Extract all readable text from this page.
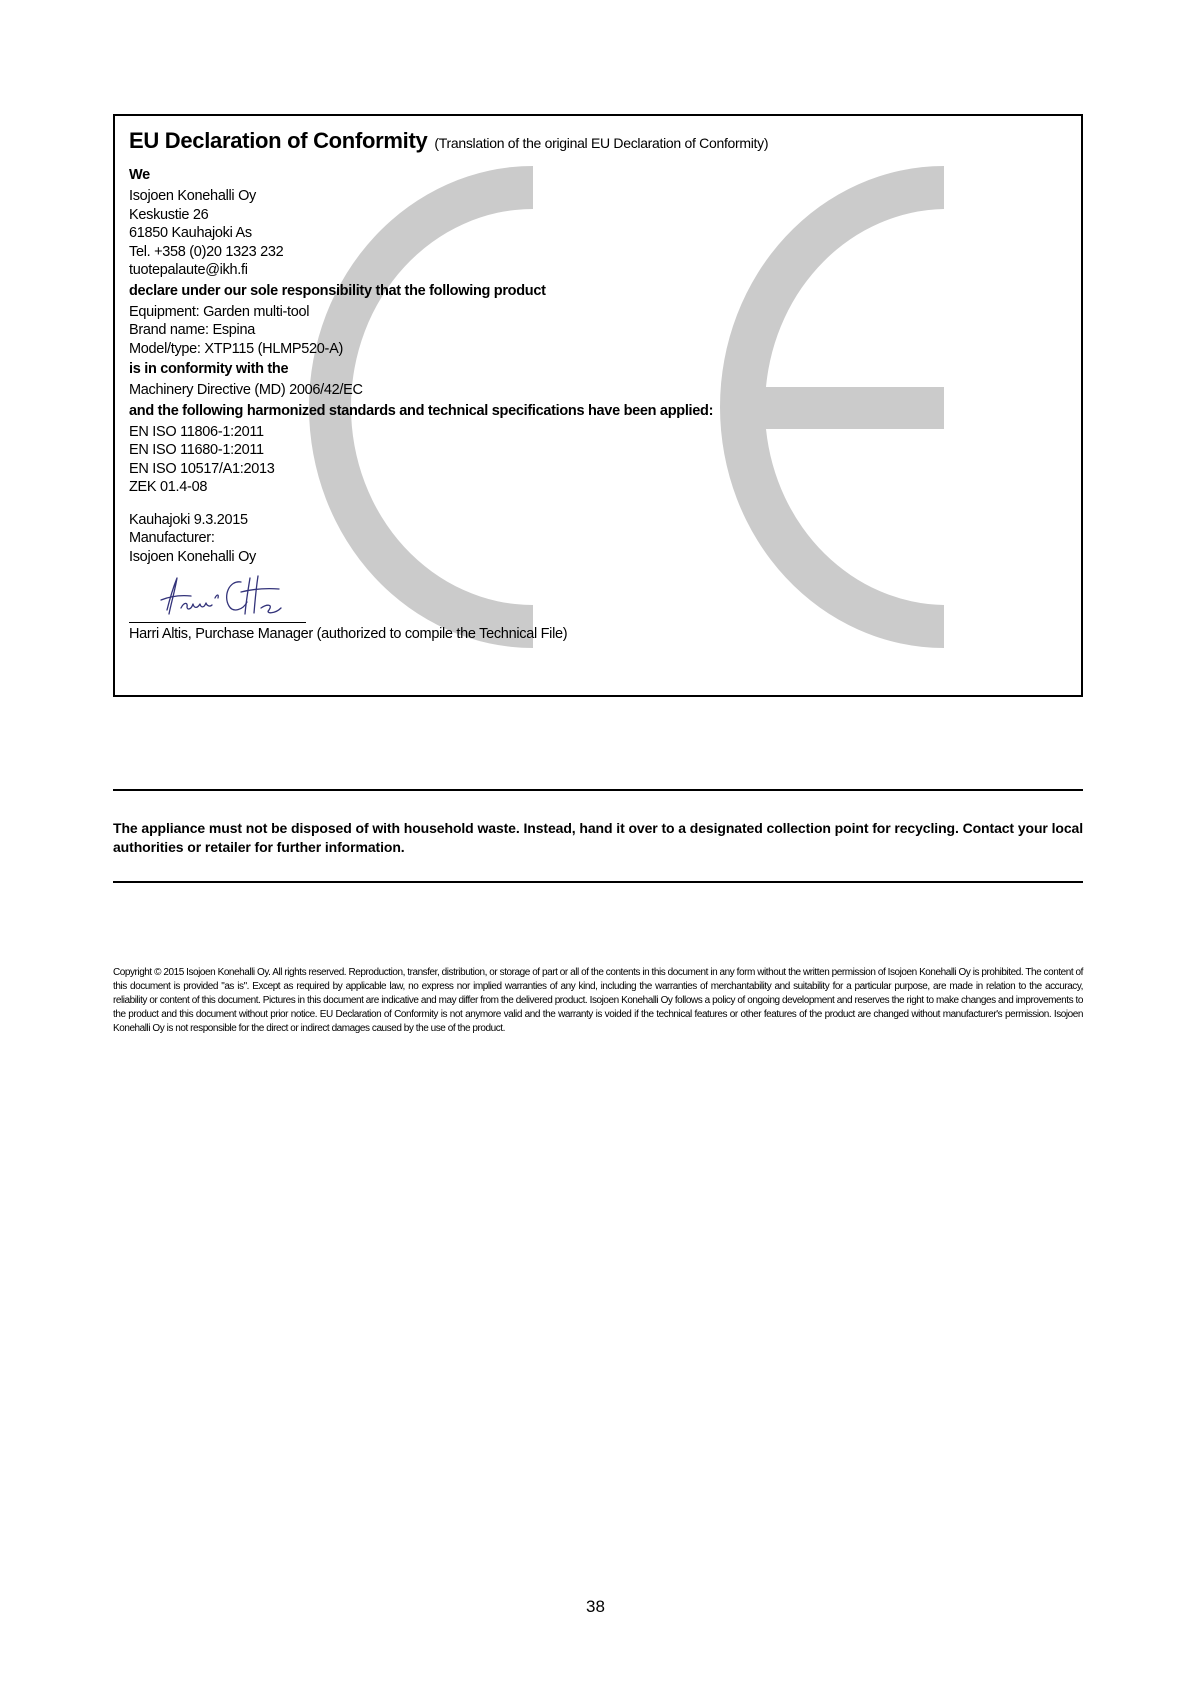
EU Declaration of Conformity (Translation of the original EU Declaration of Conformity)
We
Isojoen Konehalli Oy
Keskustie 26
61850 Kauhajoki As
Tel. +358 (0)20 1323 232
tuotepalaute@ikh.fi
declare under our sole responsibility that the following product
Equipment: Garden multi-tool
Brand name: Espina
Model/type: XTP115 (HLMP520-A)
is in conformity with the
Machinery Directive (MD) 2006/42/EC
and the following harmonized standards and technical specifications have been applied:
EN ISO 11806-1:2011
EN ISO 11680-1:2011
EN ISO 10517/A1:2013
ZEK 01.4-08
Kauhajoki 9.3.2015
Manufacturer:
Isojoen Konehalli Oy
Harri Altis, Purchase Manager (authorized to compile the Technical File)
The appliance must not be disposed of with household waste. Instead, hand it over to a designated collection point for recycling. Contact your local authorities or retailer for further information.
Copyright © 2015 Isojoen Konehalli Oy. All rights reserved. Reproduction, transfer, distribution, or storage of part or all of the contents in this document in any form without the written permission of Isojoen Konehalli Oy is prohibited. The content of this document is provided "as is". Except as required by applicable law, no express nor implied warranties of any kind, including the warranties of merchantability and suitability for a particular purpose, are made in relation to the accuracy, reliability or content of this document. Pictures in this document are indicative and may differ from the delivered product. Isojoen Konehalli Oy follows a policy of ongoing development and reserves the right to make changes and improvements to the product and this document without prior notice. EU Declaration of Conformity is not anymore valid and the warranty is voided if the technical features or other features of the product are changed without manufacturer's permission. Isojoen Konehalli Oy is not responsible for the direct or indirect damages caused by the use of the product.
38
